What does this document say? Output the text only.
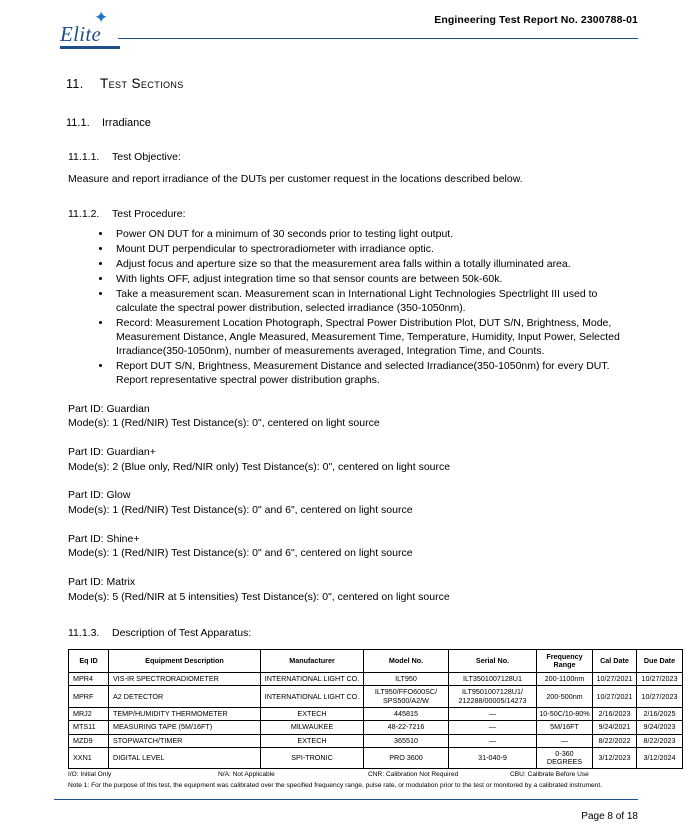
✦
Elite
Engineering Test Report No. 2300788-01
11. Test Sections
11.1. Irradiance
11.1.1. Test Objective:
Measure and report irradiance of the DUTs per customer request in the locations described below.
11.1.2. Test Procedure:
• Power ON DUT for a minimum of 30 seconds prior to testing light output.
• Mount DUT perpendicular to spectroradiometer with irradiance optic.
• Adjust focus and aperture size so that the measurement area falls within a totally illuminated area.
• With lights OFF, adjust integration time so that sensor counts are between 50k-60k.
• Take a measurement scan. Measurement scan in International Light Technologies Spectrlight III used to calculate the spectral power distribution, selected irradiance (350-1050nm).
• Record: Measurement Location Photograph, Spectral Power Distribution Plot, DUT S/N, Brightness, Mode, Measurement Distance, Angle Measured, Measurement Time, Temperature, Humidity, Input Power, Selected Irradiance(350-1050nm), number of measurements averaged, Integration Time, and Counts.
• Report DUT S/N, Brightness, Measurement Distance and selected Irradiance(350-1050nm) for every DUT. Report representative spectral power distribution graphs.
Part ID: Guardian
Mode(s): 1 (Red/NIR) Test Distance(s): 0", centered on light source
Part ID: Guardian+
Mode(s): 2 (Blue only, Red/NIR only) Test Distance(s): 0", centered on light source
Part ID: Glow
Mode(s): 1 (Red/NIR) Test Distance(s): 0" and 6", centered on light source
Part ID: Shine+
Mode(s): 1 (Red/NIR) Test Distance(s): 0" and 6", centered on light source
Part ID: Matrix
Mode(s): 5 (Red/NIR at 5 intensities) Test Distance(s): 0", centered on light source
11.1.3. Description of Test Apparatus:
Eq ID	Equipment Description	Manufacturer	Model No.	Serial No.	Frequency Range	Cal Date	Due Date
MPR4	VIS-IR SPECTRORADIOMETER	INTERNATIONAL LIGHT CO.	ILT950	ILT3501007128U1	200-1100nm	10/27/2021	10/27/2023
MPRF	A2 DETECTOR	INTERNATIONAL LIGHT CO.	ILT950/FFO600SC/ SPS500/A2/W	ILT9501007128U1/ 212288/00005/14273	200-500nm	10/27/2021	10/27/2023
MRJ2	TEMP/HUMIDITY THERMOMETER	EXTECH	445815	—	10-50C/10-80%	2/16/2023	2/16/2025
MTS11	MEASURING TAPE (5M/16FT)	MILWAUKEE	48-22-7216	—	5M/16FT	9/24/2021	9/24/2023
MZD9	STOPWATCH/TIMER	EXTECH	365510	—	—	8/22/2022	8/22/2023
XXN1	DIGITAL LEVEL	SPI-TRONIC	PRO 3600	31-040-9	0-360 DEGREES	3/12/2023	3/12/2024
I/O: Initial Only	N/A: Not Applicable	CNR: Calibration Not Required	CBU: Calibrate Before Use
Note 1: For the purpose of this test, the equipment was calibrated over the specified frequency range, pulse rate, or modulation prior to the test or monitored by a calibrated instrument.
Page 8 of 18
